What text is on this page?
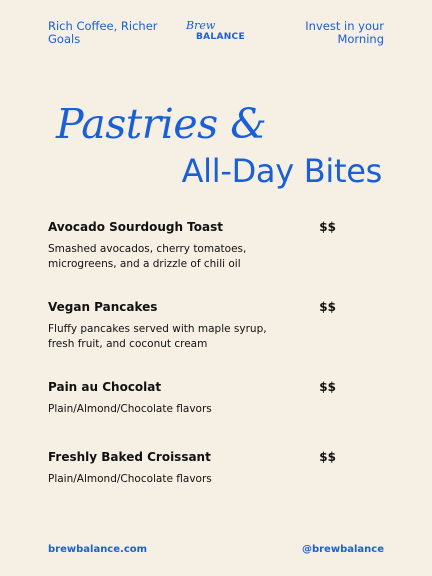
Rich Coffee, Richer Goals
Brew
BALANCE
Invest in your Morning
Pastries &
All-Day Bites
Avocado Sourdough Toast	$$
Smashed avocados, cherry tomatoes, microgreens, and a drizzle of chili oil
Vegan Pancakes	$$
Fluffy pancakes served with maple syrup, fresh fruit, and coconut cream
Pain au Chocolat	$$
Plain/Almond/Chocolate flavors
Freshly Baked Croissant	$$
Plain/Almond/Chocolate flavors
brewbalance.com	@brewbalance
